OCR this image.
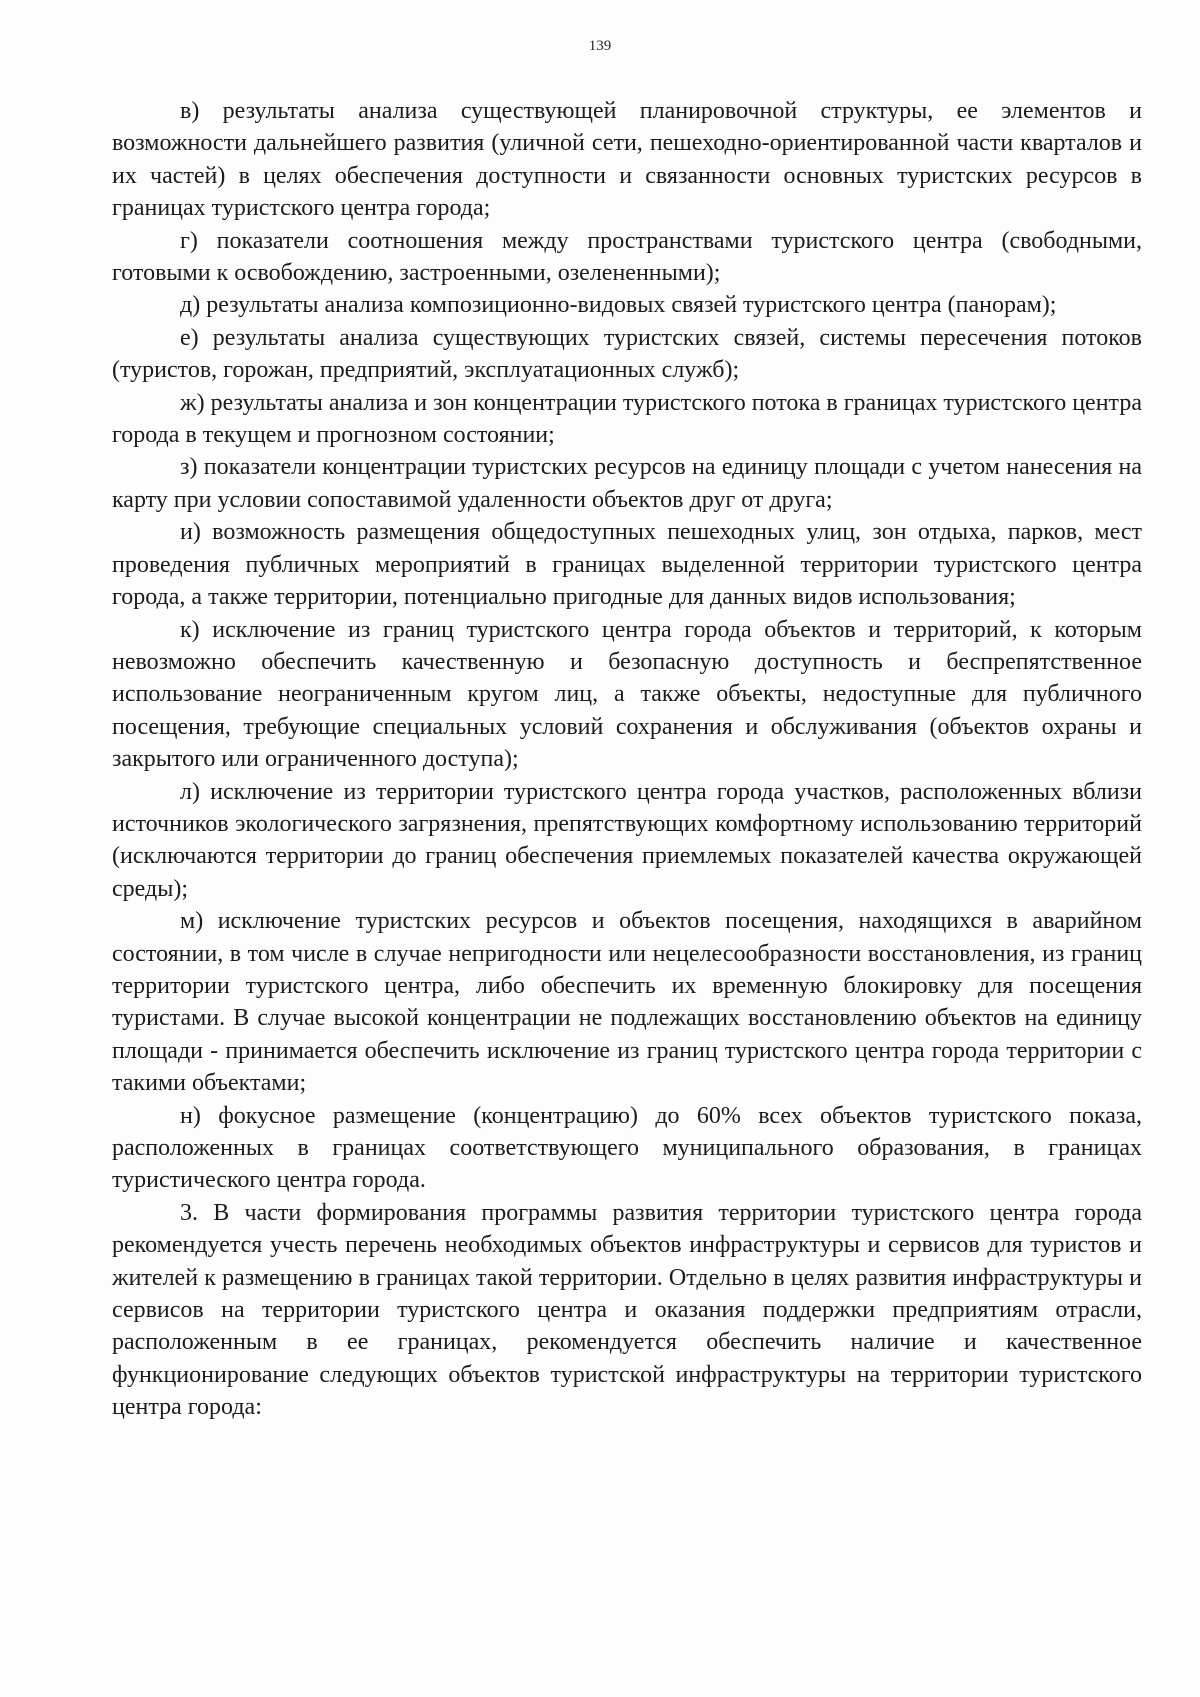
139

в) результаты анализа существующей планировочной структуры, ее элементов и возможности дальнейшего развития (уличной сети, пешеходно-ориентированной части кварталов и их частей) в целях обеспечения доступности и связанности основных туристских ресурсов в границах туристского центра города;

г) показатели соотношения между пространствами туристского центра (свободными, готовыми к освобождению, застроенными, озелененными);

д) результаты анализа композиционно-видовых связей туристского центра (панорам);

е) результаты анализа существующих туристских связей, системы пересечения потоков (туристов, горожан, предприятий, эксплуатационных служб);

ж) результаты анализа и зон концентрации туристского потока в границах туристского центра города в текущем и прогнозном состоянии;

з) показатели концентрации туристских ресурсов на единицу площади с учетом нанесения на карту при условии сопоставимой удаленности объектов друг от друга;

и) возможность размещения общедоступных пешеходных улиц, зон отдыха, парков, мест проведения публичных мероприятий в границах выделенной территории туристского центра города, а также территории, потенциально пригодные для данных видов использования;

к) исключение из границ туристского центра города объектов и территорий, к которым невозможно обеспечить качественную и безопасную доступность и беспрепятственное использование неограниченным кругом лиц, а также объекты, недоступные для публичного посещения, требующие специальных условий сохранения и обслуживания (объектов охраны и закрытого или ограниченного доступа);

л) исключение из территории туристского центра города участков, расположенных вблизи источников экологического загрязнения, препятствующих комфортному использованию территорий (исключаются территории до границ обеспечения приемлемых показателей качества окружающей среды);

м) исключение туристских ресурсов и объектов посещения, находящихся в аварийном состоянии, в том числе в случае непригодности или нецелесообразности восстановления, из границ территории туристского центра, либо обеспечить их временную блокировку для посещения туристами. В случае высокой концентрации не подлежащих восстановлению объектов на единицу площади - принимается обеспечить исключение из границ туристского центра города территории с такими объектами;

н) фокусное размещение (концентрацию) до 60% всех объектов туристского показа, расположенных в границах соответствующего муниципального образования, в границах туристического центра города.

3. В части формирования программы развития территории туристского центра города рекомендуется учесть перечень необходимых объектов инфраструктуры и сервисов для туристов и жителей к размещению в границах такой территории. Отдельно в целях развития инфраструктуры и сервисов на территории туристского центра и оказания поддержки предприятиям отрасли, расположенным в ее границах, рекомендуется обеспечить наличие и качественное функционирование следующих объектов туристской инфраструктуры на территории туристского центра города:
